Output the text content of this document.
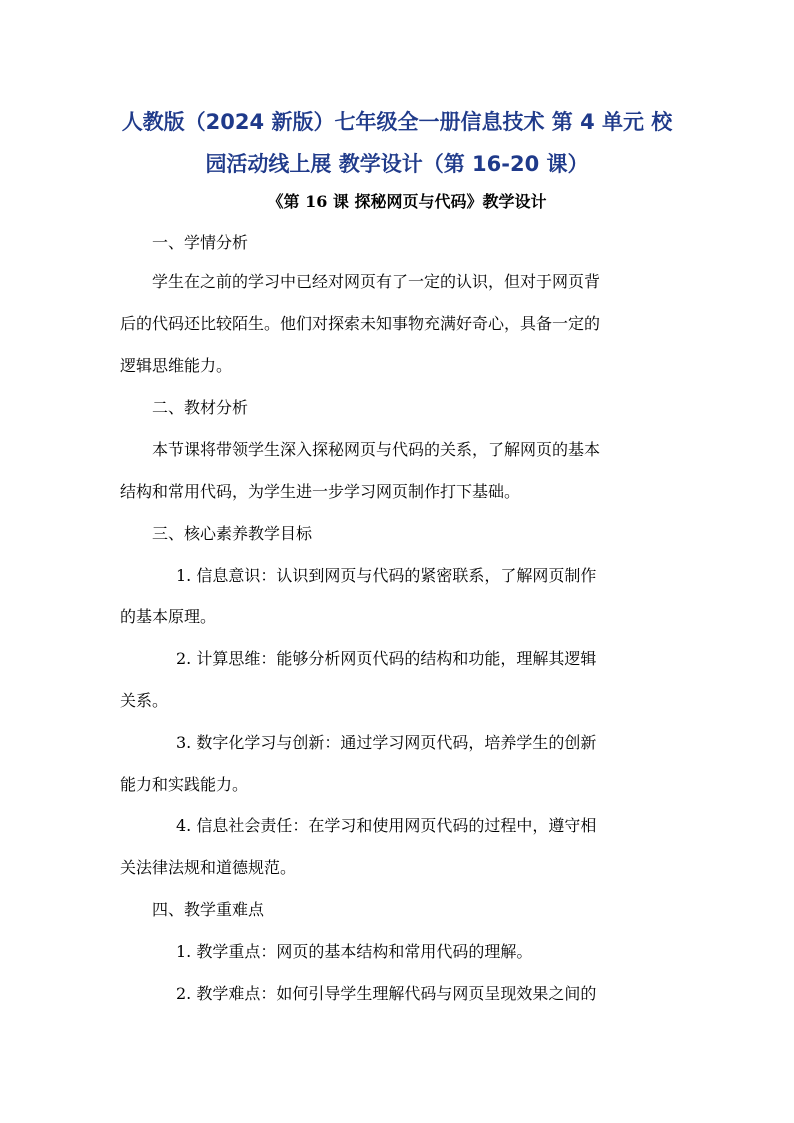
人教版（2024 新版）七年级全一册信息技术 第 4 单元 校
园活动线上展 教学设计（第 16-20 课）
《第 16 课 探秘网页与代码》教学设计
一、学情分析
学生在之前的学习中已经对网页有了一定的认识，但对于网页背
后的代码还比较陌生。他们对探索未知事物充满好奇心，具备一定的
逻辑思维能力。
二、教材分析
本节课将带领学生深入探秘网页与代码的关系，了解网页的基本
结构和常用代码，为学生进一步学习网页制作打下基础。
三、核心素养教学目标
1. 信息意识：认识到网页与代码的紧密联系，了解网页制作
的基本原理。
2. 计算思维：能够分析网页代码的结构和功能，理解其逻辑
关系。
3. 数字化学习与创新：通过学习网页代码，培养学生的创新
能力和实践能力。
4. 信息社会责任：在学习和使用网页代码的过程中，遵守相
关法律法规和道德规范。
四、教学重难点
1. 教学重点：网页的基本结构和常用代码的理解。
2. 教学难点：如何引导学生理解代码与网页呈现效果之间的
